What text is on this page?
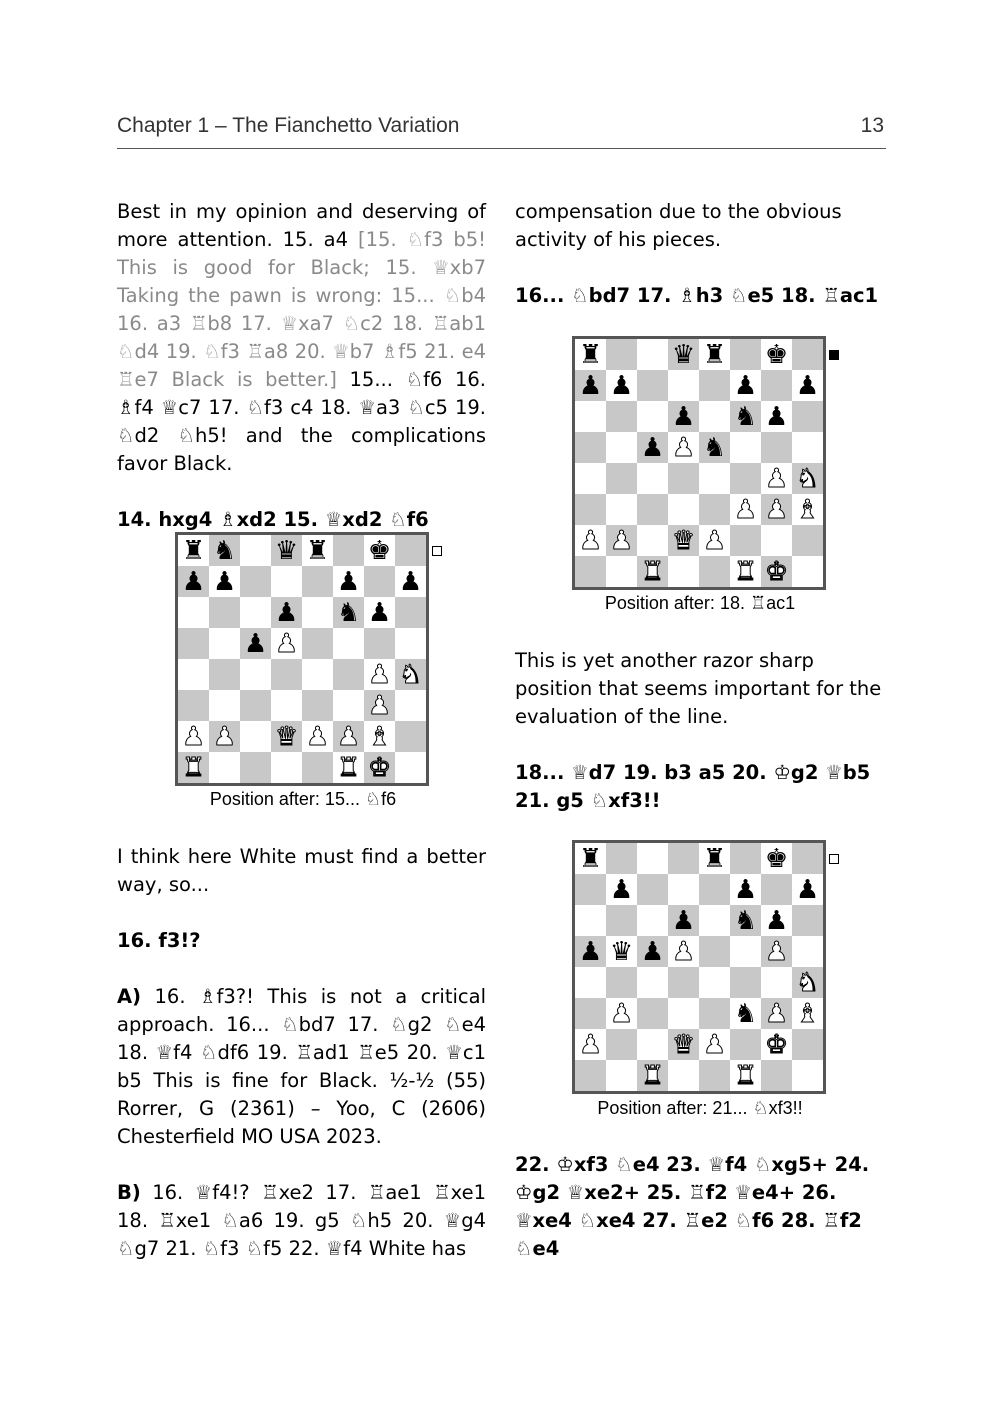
Chapter 1 – The Fianchetto Variation	13

Best in my opinion and deserving of more attention. 15. a4 [15. ♘f3 b5! This is good for Black; 15. ♕xb7 Taking the pawn is wrong: 15... ♘b4 16. a3 ♖b8 17. ♕xa7 ♘c2 18. ♖ab1 ♘d4 19. ♘f3 ♖a8 20. ♕b7 ♗f5 21. e4 ♖e7 Black is better.] 15... ♘f6 16. ♗f4 ♕c7 17. ♘f3 c4 18. ♕a3 ♘c5 19. ♘d2 ♘h5! and the complications favor Black.

14. hxg4 ♗xd2 15. ♕xd2 ♘f6

♜ ♞ ♛ ♜ ♚
♟ ♟	♟ ♟
♟ ♞ ♟
♟ ♟
♟ ♞
♟
♟ ♟ ♛ ♟ ♟ ♝
♜	♜ ♚
Position after: 15... ♘f6

I think here White must find a better way, so...

16. f3!?

A) 16. ♗f3?! This is not a critical approach. 16... ♘bd7 17. ♘g2 ♘e4 18. ♕f4 ♘df6 19. ♖ad1 ♖e5 20. ♕c1 b5 This is fine for Black. ½-½ (55) Rorrer, G (2361) – Yoo, C (2606) Chesterfield MO USA 2023.

B) 16. ♕f4!? ♖xe2 17. ♖ae1 ♖xe1 18. ♖xe1 ♘a6 19. g5 ♘h5 20. ♕g4 ♘g7 21. ♘f3 ♘f5 22. ♕f4 White has

compensation due to the obvious activity of his pieces.

16... ♘bd7 17. ♗h3 ♘e5 18. ♖ac1

♜	♛ ♜ ♚
♟ ♟	♟ ♟
♟ ♞ ♟
♟ ♟ ♞
♟ ♞
♟ ♟ ♝
♟ ♟ ♛ ♟
♜	♜ ♚
Position after: 18. ♖ac1

This is yet another razor sharp position that seems important for the evaluation of the line.

18... ♕d7 19. b3 a5 20. ♔g2 ♕b5 21. g5 ♘xf3!!

♜	♜ ♚
♟	♟ ♟
♟ ♞ ♟
♟ ♛ ♟ ♟	♟
♞
♟	♞ ♟ ♝
♟	♛ ♟ ♚
♜	♜
Position after: 21... ♘xf3!!

22. ♔xf3 ♘e4 23. ♕f4 ♘xg5+ 24. ♔g2 ♕xe2+ 25. ♖f2 ♕e4+ 26. ♕xe4 ♘xe4 27. ♖e2 ♘f6 28. ♖f2 ♘e4
